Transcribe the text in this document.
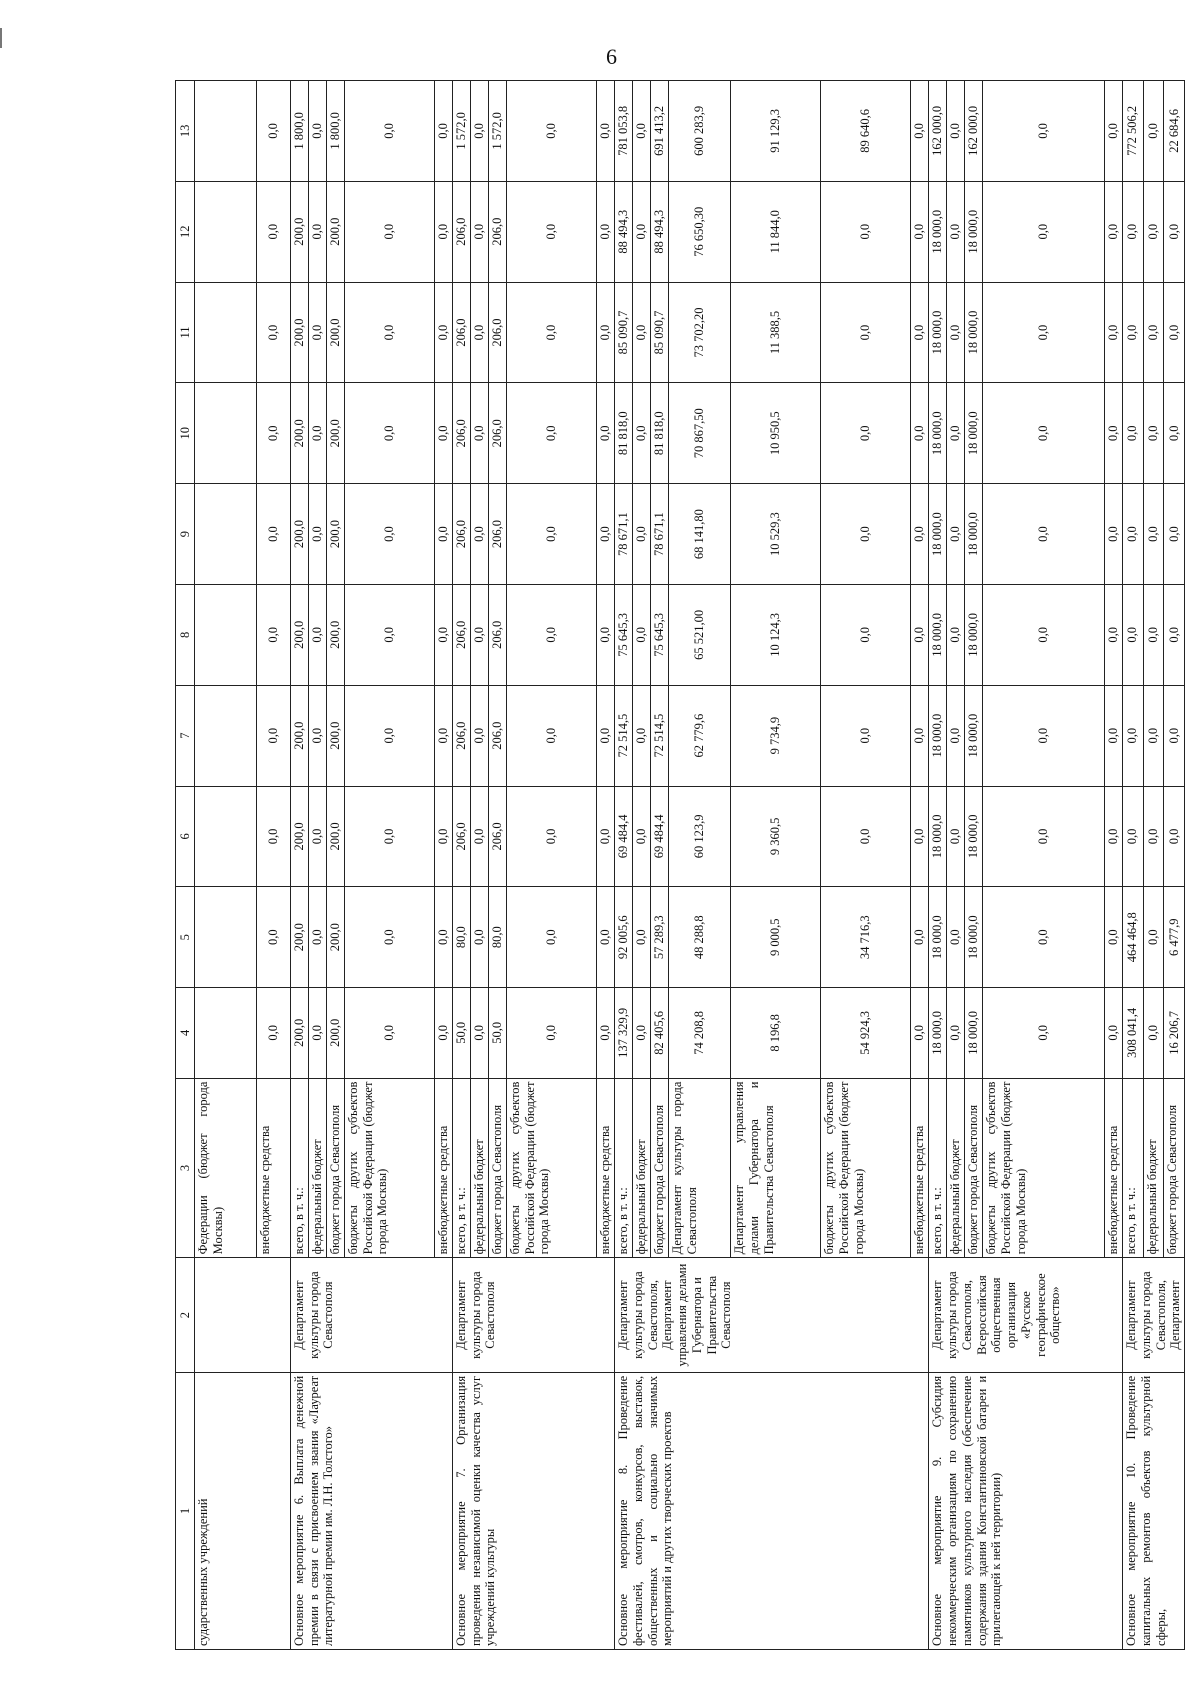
6
1	2	3	4	5	6	7	8	9	10	11	12	13
сударственных учреждений		Федерации (бюджет города Москвы)										
		внебюджетные средства	0,0	0,0	0,0	0,0	0,0	0,0	0,0	0,0	0,0	0,0
Основное мероприятие 6. Выплата денежной премии в связи с присвоением звания «Лауреат литературной премии им. Л.Н. Толстого»	Департамент культуры города Севастополя	всего, в т. ч.:	200,0	200,0	200,0	200,0	200,0	200,0	200,0	200,0	200,0	1 800,0
		федеральный бюджет	0,0	0,0	0,0	0,0	0,0	0,0	0,0	0,0	0,0	0,0
		бюджет города Севастополя	200,0	200,0	200,0	200,0	200,0	200,0	200,0	200,0	200,0	1 800,0
		бюджеты других субъектов Российской Федерации (бюджет города Москвы)	0,0	0,0	0,0	0,0	0,0	0,0	0,0	0,0	0,0	0,0
		внебюджетные средства	0,0	0,0	0,0	0,0	0,0	0,0	0,0	0,0	0,0	0,0
Основное мероприятие 7. Организация проведения независимой оценки качества услуг учреждений культуры	Департамент культуры города Севастополя	всего, в т. ч.:	50,0	80,0	206,0	206,0	206,0	206,0	206,0	206,0	206,0	1 572,0
		федеральный бюджет	0,0	0,0	0,0	0,0	0,0	0,0	0,0	0,0	0,0	0,0
		бюджет города Севастополя	50,0	80,0	206,0	206,0	206,0	206,0	206,0	206,0	206,0	1 572,0
		бюджеты других субъектов Российской Федерации (бюджет города Москвы)	0,0	0,0	0,0	0,0	0,0	0,0	0,0	0,0	0,0	0,0
		внебюджетные средства	0,0	0,0	0,0	0,0	0,0	0,0	0,0	0,0	0,0	0,0
Основное мероприятие 8. Проведение фестивалей, смотров, конкурсов, выставок, общественных и социально значимых мероприятий и других творческих проектов	Департамент культуры города Севастополя, Департамент управления делами Губернатора и Правительства Севастополя	всего, в т. ч.:	137 329,9	92 005,6	69 484,4	72 514,5	75 645,3	78 671,1	81 818,0	85 090,7	88 494,3	781 053,8
		федеральный бюджет	0,0	0,0	0,0	0,0	0,0	0,0	0,0	0,0	0,0	0,0
		бюджет города Севастополя	82 405,6	57 289,3	69 484,4	72 514,5	75 645,3	78 671,1	81 818,0	85 090,7	88 494,3	691 413,2
		Департамент культуры города Севастополя	74 208,8	48 288,8	60 123,9	62 779,6	65 521,00	68 141,80	70 867,50	73 702,20	76 650,30	600 283,9
		Департамент управления делами Губернатора и Правительства Севастополя	8 196,8	9 000,5	9 360,5	9 734,9	10 124,3	10 529,3	10 950,5	11 388,5	11 844,0	91 129,3
		бюджеты других субъектов Российской Федерации (бюджет города Москвы)	54 924,3	34 716,3	0,0	0,0	0,0	0,0	0,0	0,0	0,0	89 640,6
		внебюджетные средства	0,0	0,0	0,0	0,0	0,0	0,0	0,0	0,0	0,0	0,0
Основное мероприятие 9. Субсидия некоммерческим организациям по сохранению памятников культурного наследия (обеспечение содержания здания Константиновской батареи и прилегающей к ней территории)	Департамент культуры города Севастополя, Всероссийская общественная организация «Русское географическое общество»	всего, в т. ч.:	18 000,0	18 000,0	18 000,0	18 000,0	18 000,0	18 000,0	18 000,0	18 000,0	18 000,0	162 000,0
		федеральный бюджет	0,0	0,0	0,0	0,0	0,0	0,0	0,0	0,0	0,0	0,0
		бюджет города Севастополя	18 000,0	18 000,0	18 000,0	18 000,0	18 000,0	18 000,0	18 000,0	18 000,0	18 000,0	162 000,0
		бюджеты других субъектов Российской Федерации (бюджет города Москвы)	0,0	0,0	0,0	0,0	0,0	0,0	0,0	0,0	0,0	0,0
		внебюджетные средства	0,0	0,0	0,0	0,0	0,0	0,0	0,0	0,0	0,0	0,0
Основное мероприятие 10. Проведение капитальных ремонтов объектов культурной сферы,	Департамент культуры города Севастополя, Департамент	всего, в т. ч.:	308 041,4	464 464,8	0,0	0,0	0,0	0,0	0,0	0,0	0,0	772 506,2
		федеральный бюджет	0,0	0,0	0,0	0,0	0,0	0,0	0,0	0,0	0,0	0,0
		бюджет города Севастополя	16 206,7	6 477,9	0,0	0,0	0,0	0,0	0,0	0,0	0,0	22 684,6
